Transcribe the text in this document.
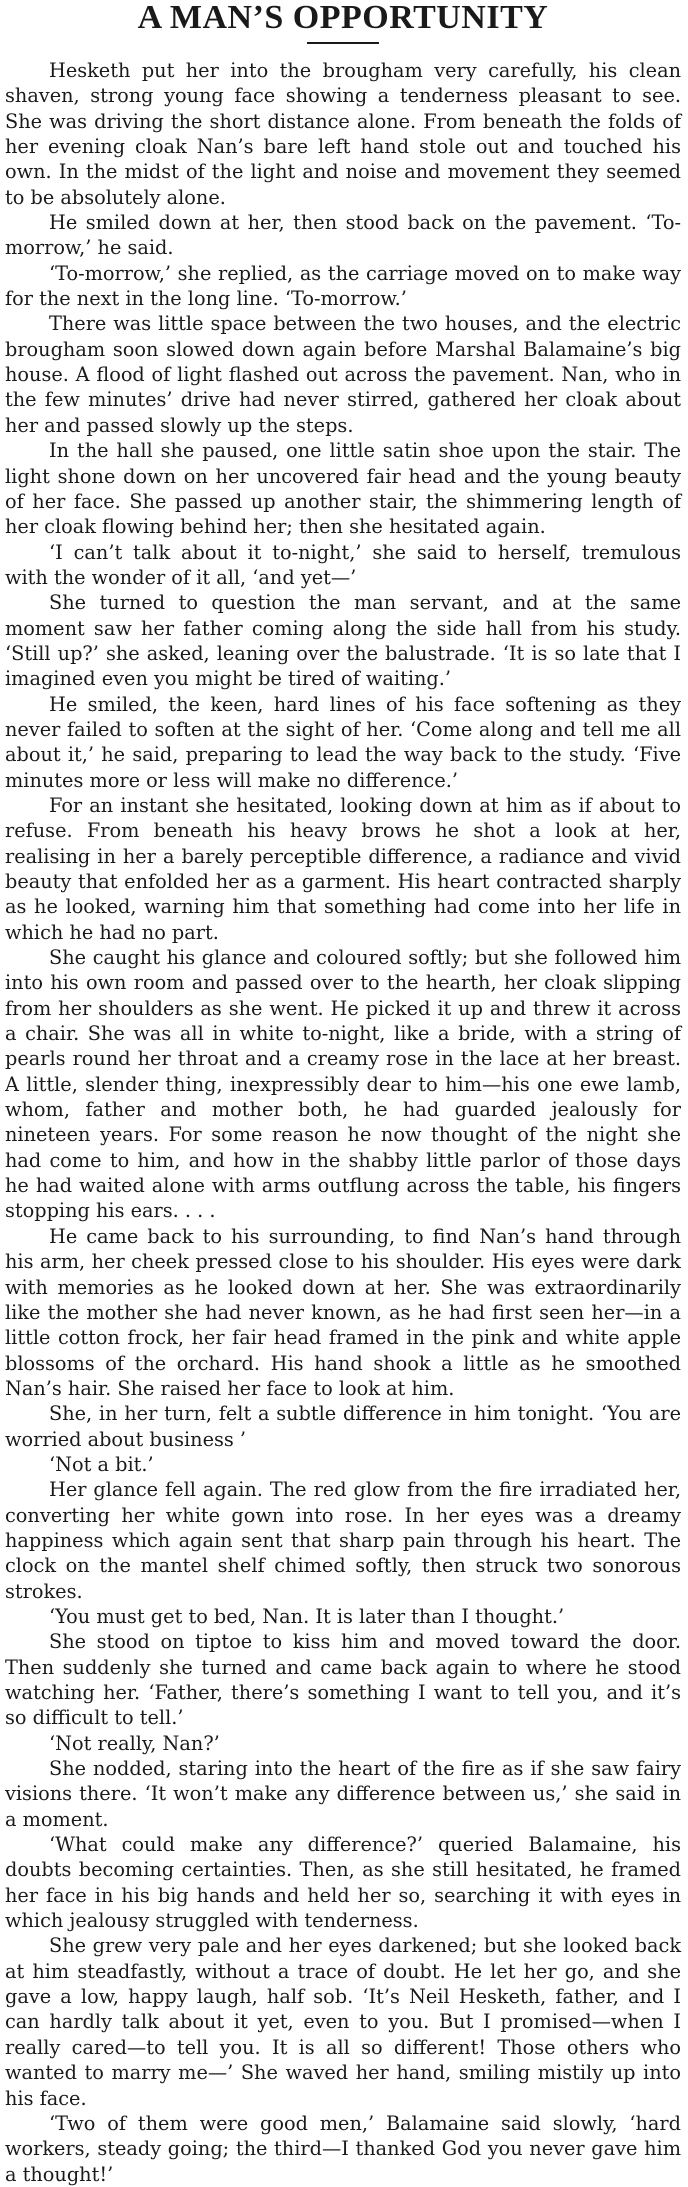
A MAN’S OPPORTUNITY

Hesketh put her into the brougham very carefully, his clean shaven, strong young face showing a tenderness pleasant to see. She was driving the short distance alone. From beneath the folds of her evening cloak Nan’s bare left hand stole out and touched his own. In the midst of the light and noise and movement they seemed to be absolutely alone.

He smiled down at her, then stood back on the pavement. ‘To-morrow,’ he said.

‘To-morrow,’ she replied, as the carriage moved on to make way for the next in the long line. ‘To-morrow.’

There was little space between the two houses, and the electric brougham soon slowed down again before Marshal Balamaine’s big house. A flood of light flashed out across the pavement. Nan, who in the few minutes’ drive had never stirred, gathered her cloak about her and passed slowly up the steps.

In the hall she paused, one little satin shoe upon the stair. The light shone down on her uncovered fair head and the young beauty of her face. She passed up another stair, the shimmering length of her cloak flowing behind her; then she hesitated again.

‘I can’t talk about it to-night,’ she said to herself, tremulous with the wonder of it all, ‘and yet—’

She turned to question the man servant, and at the same moment saw her father coming along the side hall from his study. ‘Still up?’ she asked, leaning over the balustrade. ‘It is so late that I imagined even you might be tired of waiting.’

He smiled, the keen, hard lines of his face softening as they never failed to soften at the sight of her. ‘Come along and tell me all about it,’ he said, preparing to lead the way back to the study. ‘Five minutes more or less will make no difference.’

For an instant she hesitated, looking down at him as if about to refuse. From beneath his heavy brows he shot a look at her, realising in her a barely perceptible difference, a radiance and vivid beauty that enfolded her as a garment. His heart contracted sharply as he looked, warning him that something had come into her life in which he had no part.

She caught his glance and coloured softly; but she followed him into his own room and passed over to the hearth, her cloak slipping from her shoulders as she went. He picked it up and threw it across a chair. She was all in white to-night, like a bride, with a string of pearls round her throat and a creamy rose in the lace at her breast. A little, slender thing, inexpressibly dear to him—his one ewe lamb, whom, father and mother both, he had guarded jealously for nineteen years. For some reason he now thought of the night she had come to him, and how in the shabby little parlor of those days he had waited alone with arms outflung across the table, his fingers stopping his ears. . . .

He came back to his surrounding, to find Nan’s hand through his arm, her cheek pressed close to his shoulder. His eyes were dark with memories as he looked down at her. She was extraordinarily like the mother she had never known, as he had first seen her—in a little cotton frock, her fair head framed in the pink and white apple blossoms of the orchard. His hand shook a little as he smoothed Nan’s hair. She raised her face to look at him.

She, in her turn, felt a subtle difference in him tonight. ‘You are worried about business ’

‘Not a bit.’

Her glance fell again. The red glow from the fire irradiated her, converting her white gown into rose. In her eyes was a dreamy happiness which again sent that sharp pain through his heart. The clock on the mantel shelf chimed softly, then struck two sonorous strokes.

‘You must get to bed, Nan. It is later than I thought.’

She stood on tiptoe to kiss him and moved toward the door. Then suddenly she turned and came back again to where he stood watching her. ‘Father, there’s something I want to tell you, and it’s so difficult to tell.’

‘Not really, Nan?’

She nodded, staring into the heart of the fire as if she saw fairy visions there. ‘It won’t make any difference between us,’ she said in a moment.

‘What could make any difference?’ queried Balamaine, his doubts becoming certainties. Then, as she still hesitated, he framed her face in his big hands and held her so, searching it with eyes in which jealousy struggled with tenderness.

She grew very pale and her eyes darkened; but she looked back at him steadfastly, without a trace of doubt. He let her go, and she gave a low, happy laugh, half sob. ‘It’s Neil Hesketh, father, and I can hardly talk about it yet, even to you. But I promised—when I really cared—to tell you. It is all so different! Those others who wanted to marry me—’ She waved her hand, smiling mistily up into his face.

‘Two of them were good men,’ Balamaine said slowly, ‘hard workers, steady going; the third—I thanked God you never gave him a thought!’
